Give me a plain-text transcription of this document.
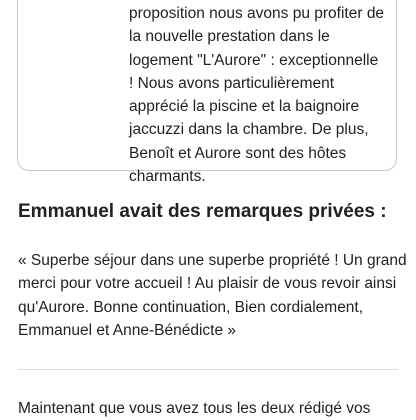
proposition nous avons pu profiter de
la nouvelle prestation dans le
logement "L'Aurore" : exceptionnelle
! Nous avons particulièrement
apprécié la piscine et la baignoire
jaccuzzi dans la chambre. De plus,
Benoît et Aurore sont des hôtes
charmants.

Emmanuel avait des remarques privées :

« Superbe séjour dans une superbe propriété ! Un grand
merci pour votre accueil ! Au plaisir de vous revoir ainsi
qu'Aurore. Bonne continuation, Bien cordialement,
Emmanuel et Anne-Bénédicte »

Maintenant que vous avez tous les deux rédigé vos
